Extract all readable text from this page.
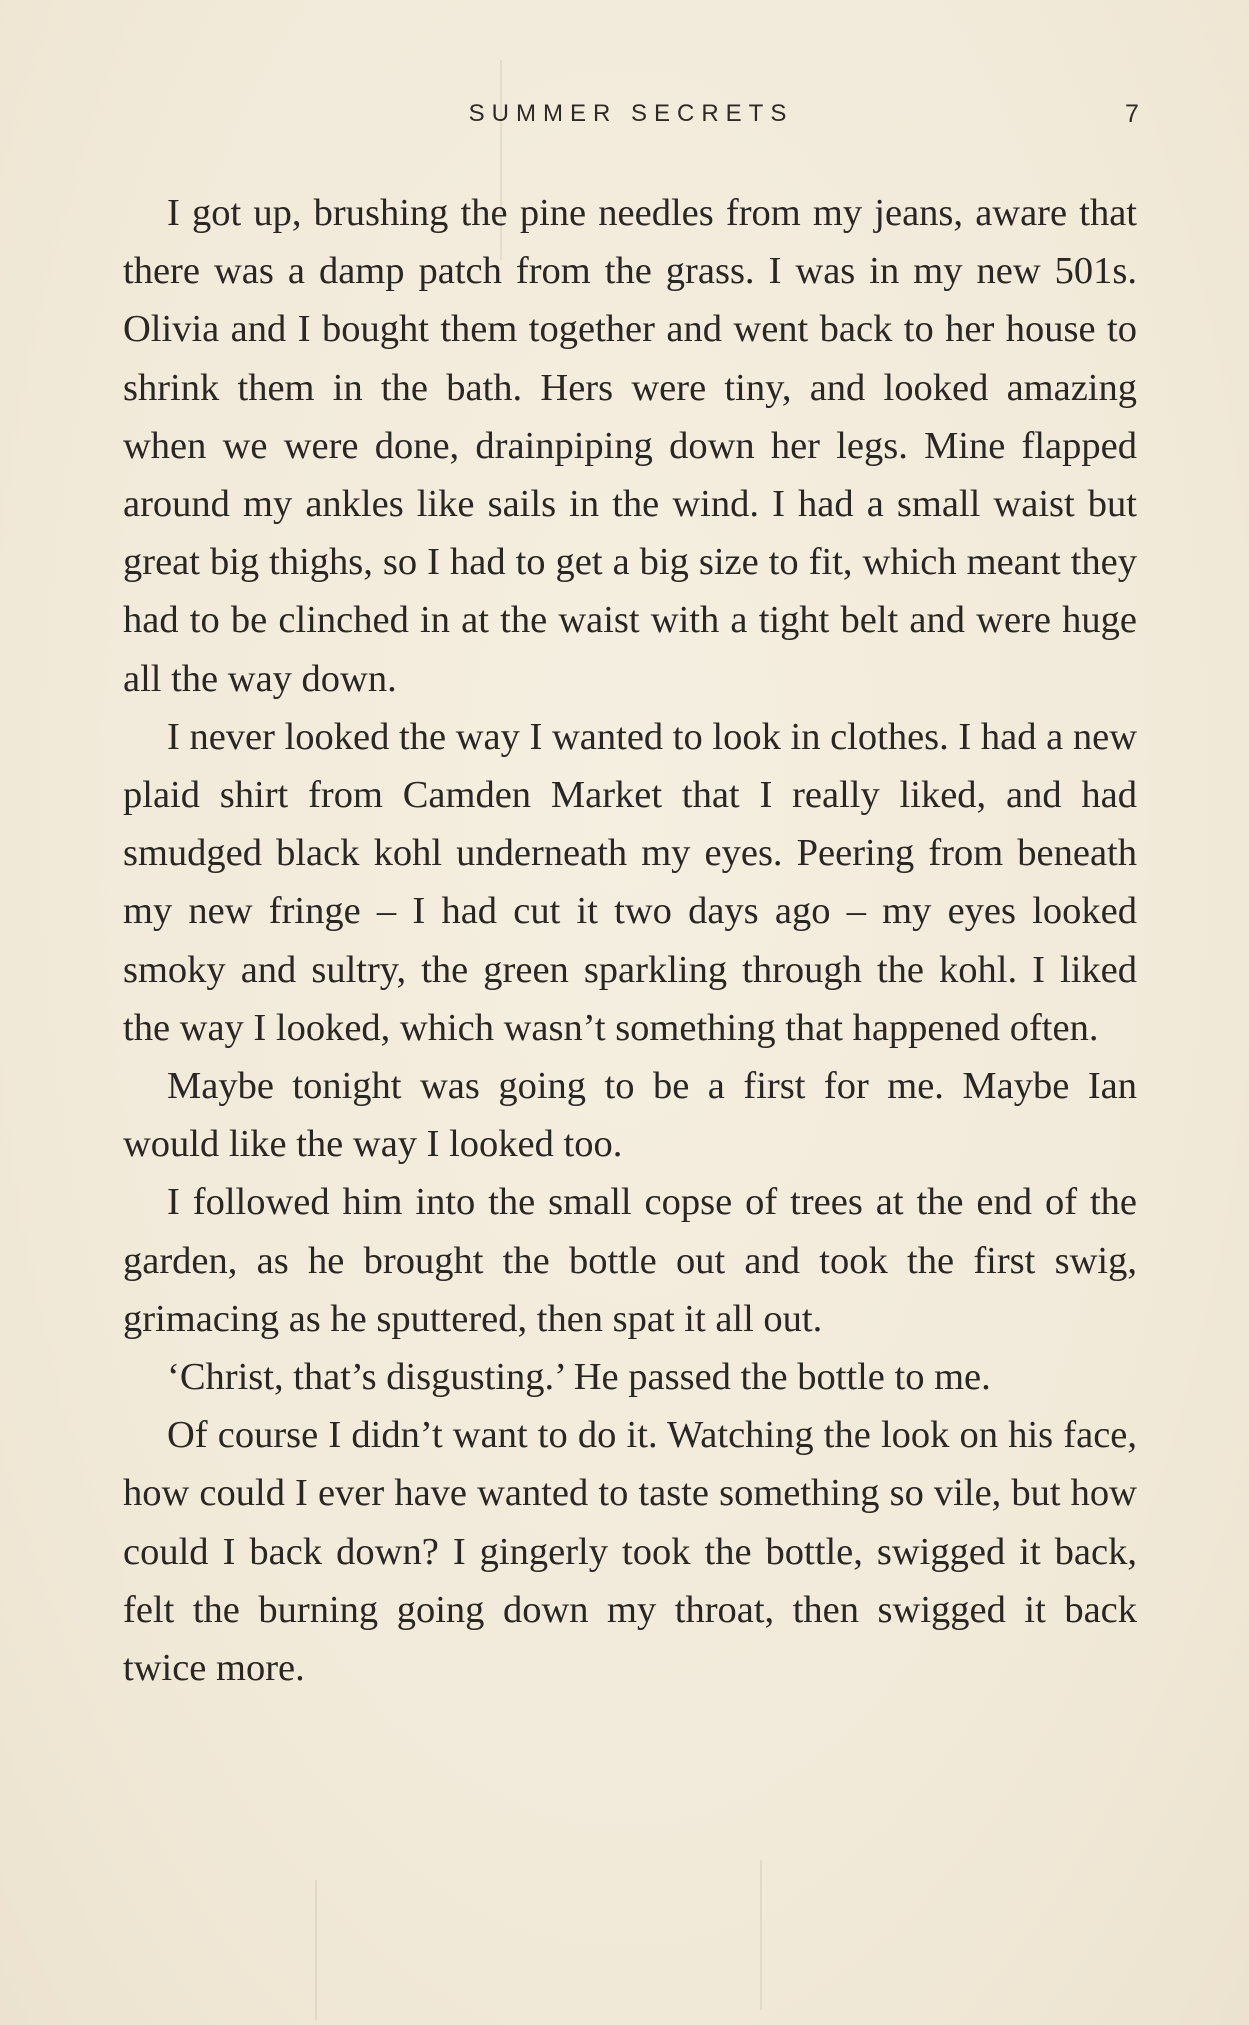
SUMMER SECRETS	7

I got up, brushing the pine needles from my jeans, aware that there was a damp patch from the grass. I was in my new 501s. Olivia and I bought them together and went back to her house to shrink them in the bath. Hers were tiny, and looked amazing when we were done, drainpiping down her legs. Mine flapped around my ankles like sails in the wind. I had a small waist but great big thighs, so I had to get a big size to fit, which meant they had to be clinched in at the waist with a tight belt and were huge all the way down.

I never looked the way I wanted to look in clothes. I had a new plaid shirt from Camden Market that I really liked, and had smudged black kohl underneath my eyes. Peering from beneath my new fringe – I had cut it two days ago – my eyes looked smoky and sultry, the green sparkling through the kohl. I liked the way I looked, which wasn’t something that happened often.

Maybe tonight was going to be a first for me. Maybe Ian would like the way I looked too.

I followed him into the small copse of trees at the end of the garden, as he brought the bottle out and took the first swig, grimacing as he sputtered, then spat it all out.

‘Christ, that’s disgusting.’ He passed the bottle to me.

Of course I didn’t want to do it. Watching the look on his face, how could I ever have wanted to taste something so vile, but how could I back down? I gingerly took the bottle, swigged it back, felt the burning going down my throat, then swigged it back twice more.
